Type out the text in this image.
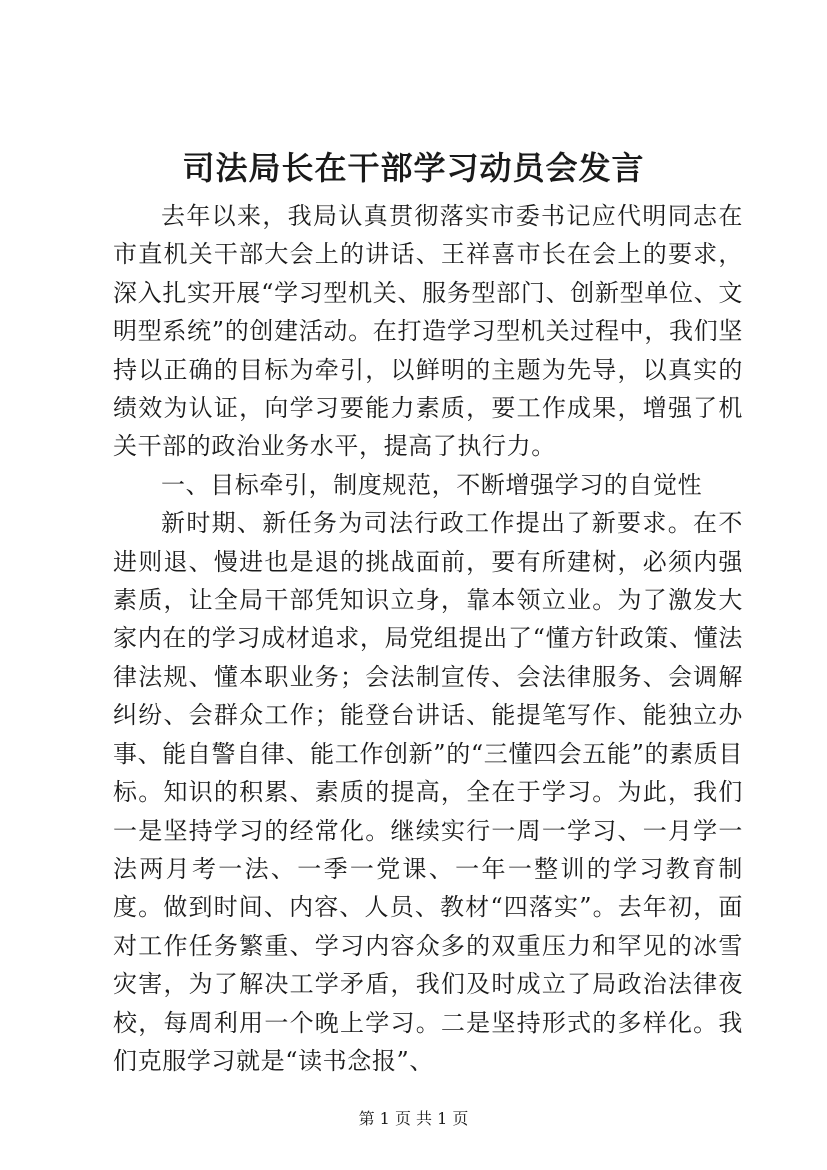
司法局长在干部学习动员会发言

去年以来，我局认真贯彻落实市委书记应代明同志在市直机关干部大会上的讲话、王祥喜市长在会上的要求，深入扎实开展“学习型机关、服务型部门、创新型单位、文明型系统”的创建活动。在打造学习型机关过程中，我们坚持以正确的目标为牵引，以鲜明的主题为先导，以真实的绩效为认证，向学习要能力素质，要工作成果，增强了机关干部的政治业务水平，提高了执行力。

一、目标牵引，制度规范，不断增强学习的自觉性

新时期、新任务为司法行政工作提出了新要求。在不进则退、慢进也是退的挑战面前，要有所建树，必须内强素质，让全局干部凭知识立身，靠本领立业。为了激发大家内在的学习成材追求，局党组提出了“懂方针政策、懂法律法规、懂本职业务；会法制宣传、会法律服务、会调解纠纷、会群众工作；能登台讲话、能提笔写作、能独立办事、能自警自律、能工作创新”的“三懂四会五能”的素质目标。知识的积累、素质的提高，全在于学习。为此，我们一是坚持学习的经常化。继续实行一周一学习、一月学一法两月考一法、一季一党课、一年一整训的学习教育制度。做到时间、内容、人员、教材“四落实”。去年初，面对工作任务繁重、学习内容众多的双重压力和罕见的冰雪灾害，为了解决工学矛盾，我们及时成立了局政治法律夜校，每周利用一个晚上学习。二是坚持形式的多样化。我们克服学习就是“读书念报”、

第 1 页 共 1 页
